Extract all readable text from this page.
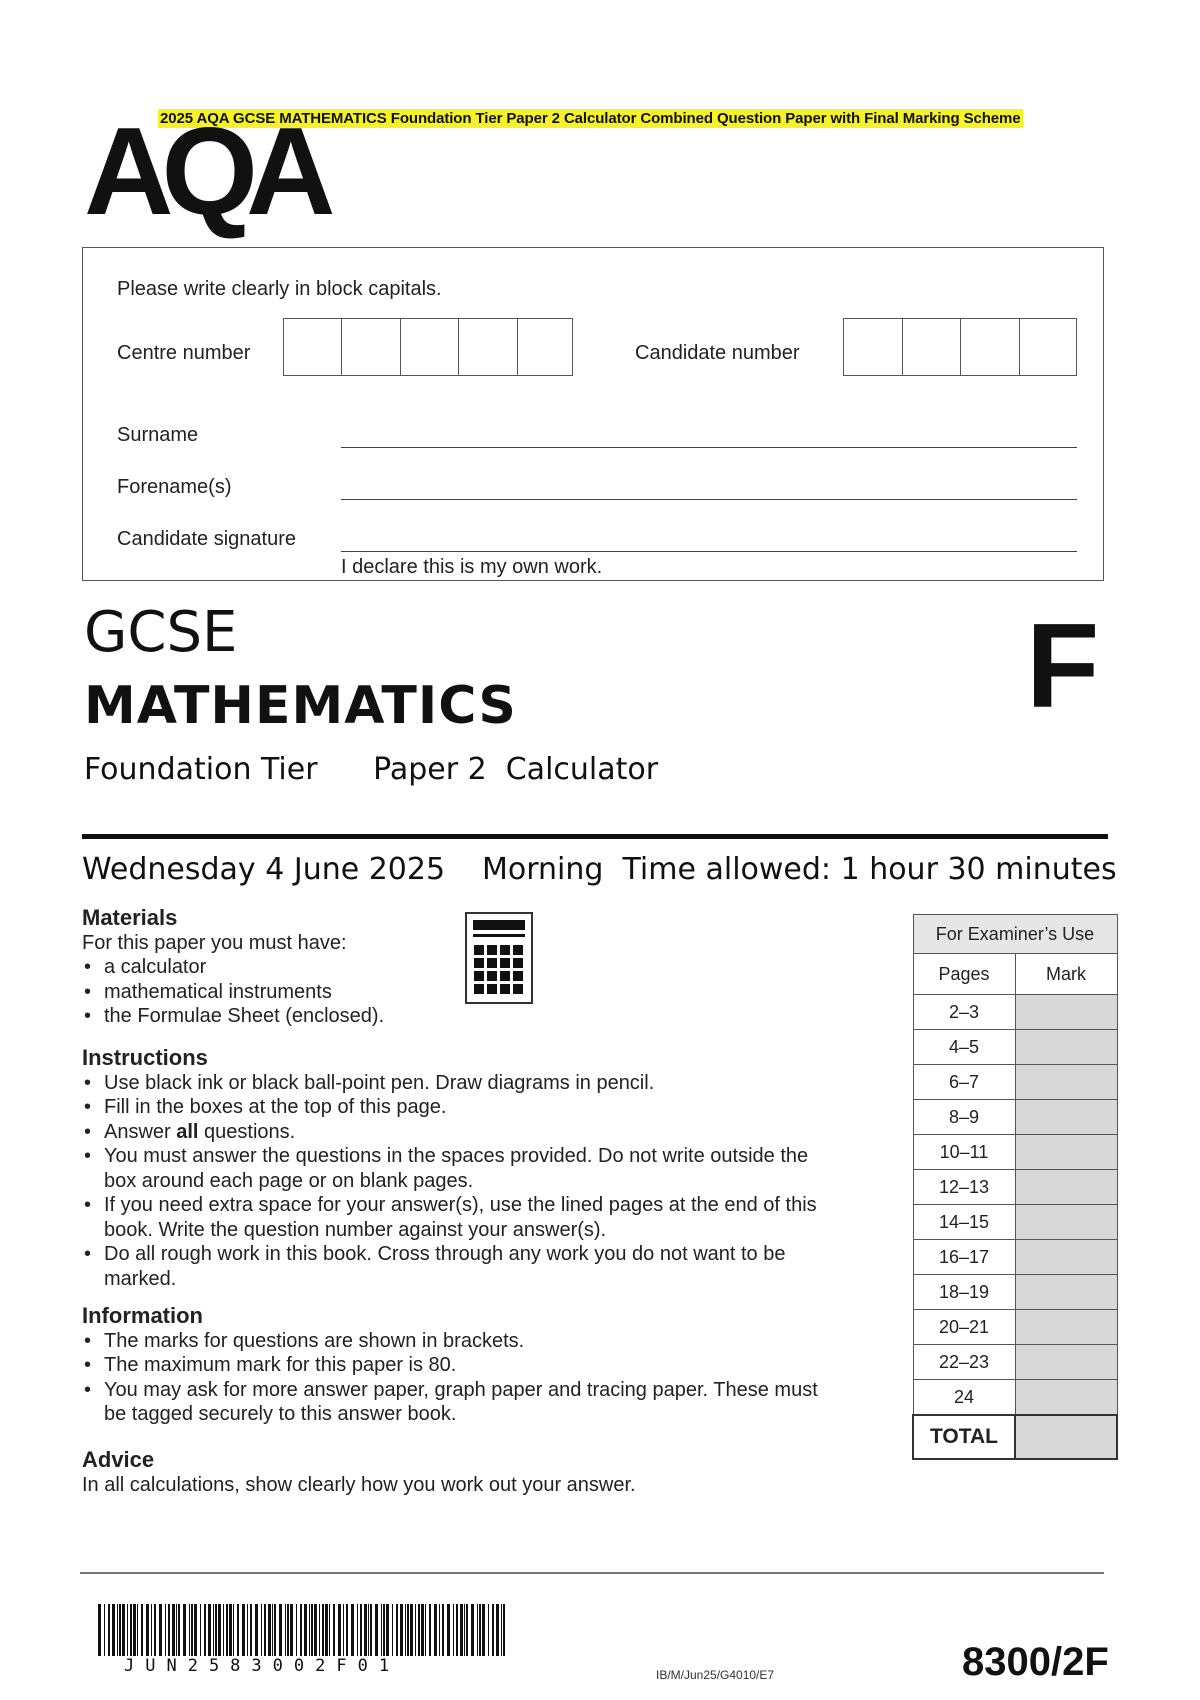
2025 AQA GCSE MATHEMATICS Foundation Tier Paper 2 Calculator Combined Question Paper with Final Marking Scheme
AQA
Please write clearly in block capitals.
Centre number	Candidate number
Surname
Forename(s)
Candidate signature
I declare this is my own work.
GCSE
MATHEMATICS	F
Foundation Tier Paper 2  Calculator
Wednesday 4 June 2025 Morning  Time allowed: 1 hour 30 minutes
Materials
For this paper you must have:
• a calculator
• mathematical instruments
• the Formulae Sheet (enclosed).
Instructions
• Use black ink or black ball-point pen. Draw diagrams in pencil.
• Fill in the boxes at the top of this page.
• Answer all questions.
• You must answer the questions in the spaces provided. Do not write outside the box around each page or on blank pages.
• If you need extra space for your answer(s), use the lined pages at the end of this book. Write the question number against your answer(s).
• Do all rough work in this book. Cross through any work you do not want to be marked.
Information
• The marks for questions are shown in brackets.
• The maximum mark for this paper is 80.
• You may ask for more answer paper, graph paper and tracing paper. These must be tagged securely to this answer book.
Advice
In all calculations, show clearly how you work out your answer.
For Examiner’s Use	
Pages	Mark
2–3	
4–5	
6–7	
8–9	
10–11	
12–13	
14–15	
16–17	
18–19	
20–21	
22–23	
24	
TOTAL	
JUN2583002F01	IB/M/Jun25/G4010/E7	8300/2F
